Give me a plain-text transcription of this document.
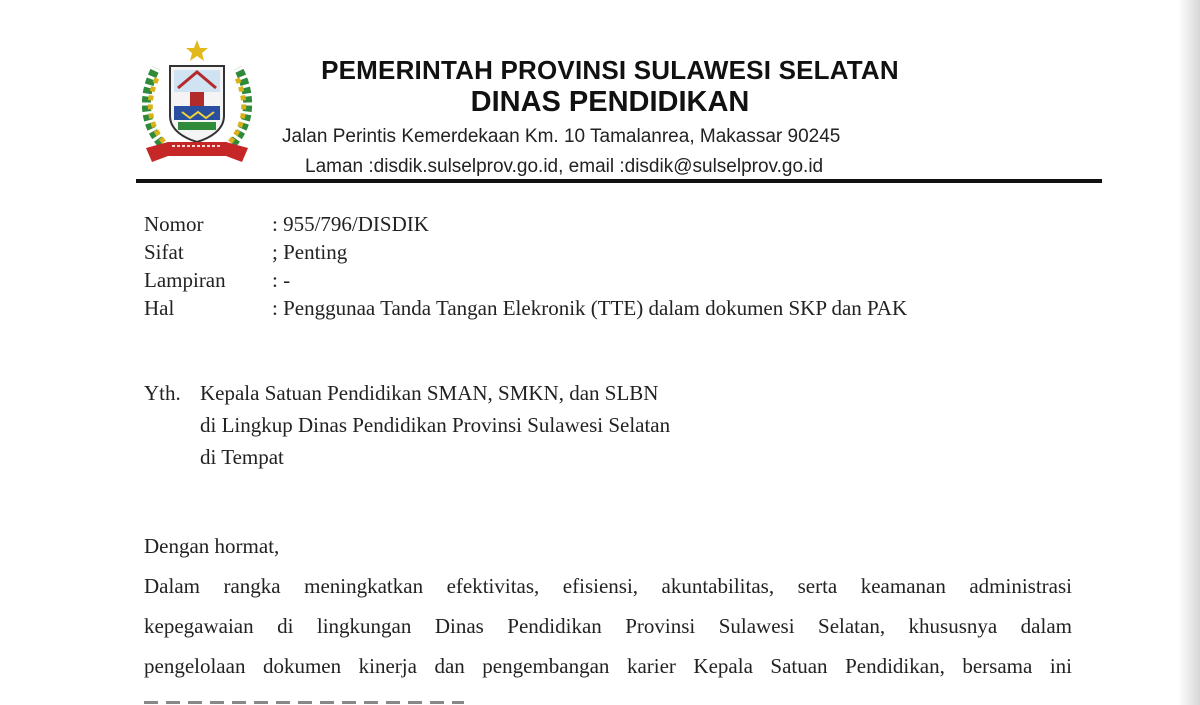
PEMERINTAH PROVINSI SULAWESI SELATAN
DINAS PENDIDIKAN
Jalan Perintis Kemerdekaan Km. 10 Tamalanrea, Makassar 90245
Laman :disdik.sulselprov.go.id, email :disdik@sulselprov.go.id
Nomor	: 955/796/DISDIK
Sifat	; Penting
Lampiran : -
Hal	: Penggunaa Tanda Tangan Elekronik (TTE) dalam dokumen SKP dan PAK
Yth. Kepala Satuan Pendidikan SMAN, SMKN, dan SLBN
di Lingkup Dinas Pendidikan Provinsi Sulawesi Selatan
di Tempat
Dengan hormat,
Dalam rangka meningkatkan efektivitas, efisiensi, akuntabilitas, serta keamanan administrasi
kepegawaian di lingkungan Dinas Pendidikan Provinsi Sulawesi Selatan, khususnya dalam
pengelolaan dokumen kinerja dan pengembangan karier Kepala Satuan Pendidikan, bersama ini
